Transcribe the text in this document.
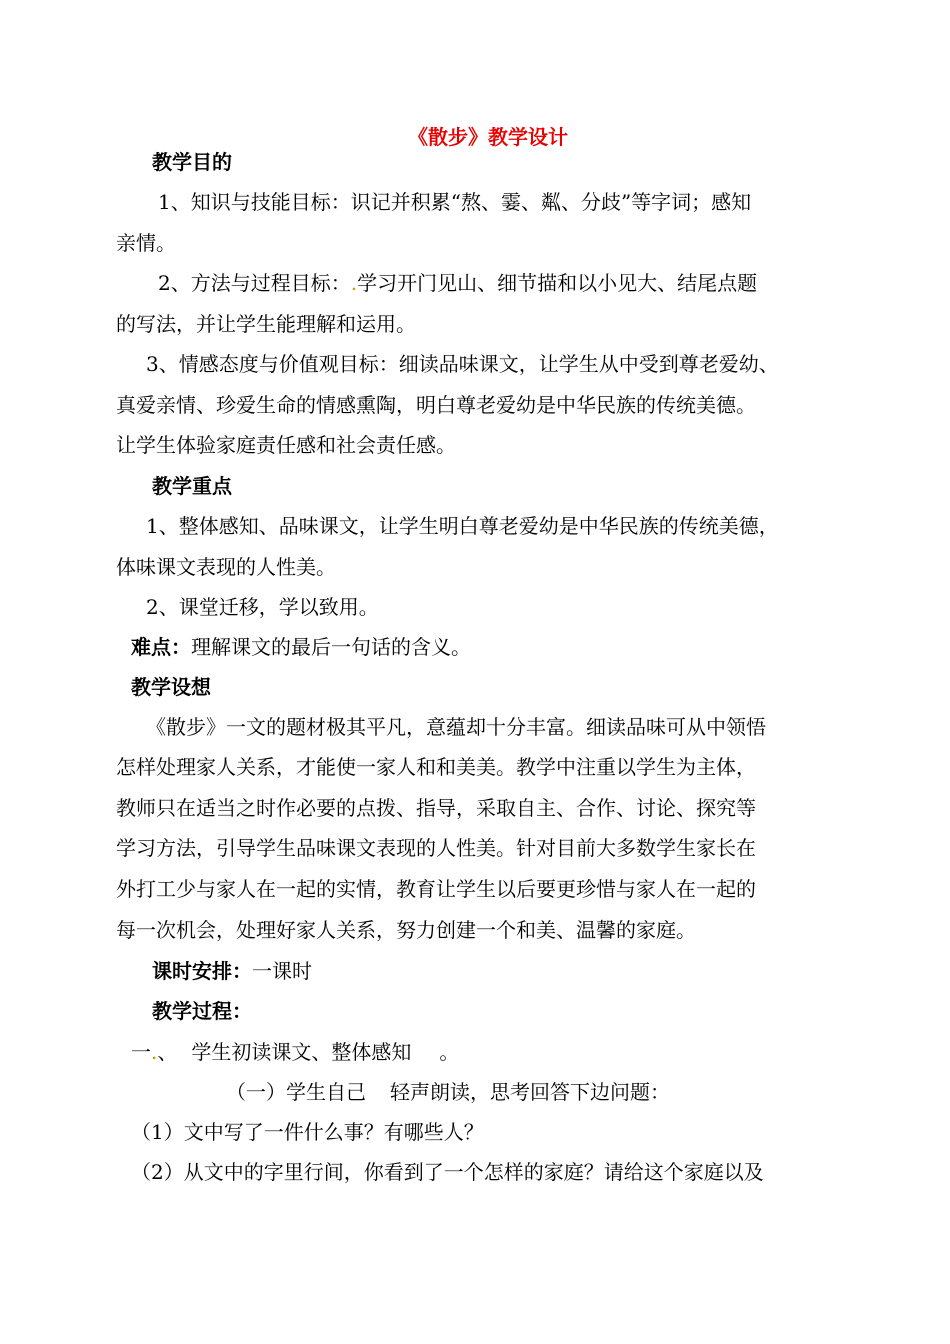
《散步》教学设计
教学目的
1、知识与技能目标：识记并积累“熬、霎、粼、分歧”等字词；感知
亲情。
2、方法与过程目标：.学习开门见山、细节描和以小见大、结尾点题
的写法，并让学生能理解和运用。
3、情感态度与价值观目标：细读品味课文，让学生从中受到尊老爱幼、
真爱亲情、珍爱生命的情感熏陶，明白尊老爱幼是中华民族的传统美德。
让学生体验家庭责任感和社会责任感。
教学重点
1、整体感知、品味课文，让学生明白尊老爱幼是中华民族的传统美德，
体味课文表现的人性美。
2、课堂迁移，学以致用。
难点：理解课文的最后一句话的含义。
教学设想
《散步》一文的题材极其平凡，意蕴却十分丰富。细读品味可从中领悟
怎样处理家人关系，才能使一家人和和美美。教学中注重以学生为主体，
教师只在适当之时作必要的点拨、指导，采取自主、合作、讨论、探究等
学习方法，引导学生品味课文表现的人性美。针对目前大多数学生家长在
外打工少与家人在一起的实情，教育让学生以后要更珍惜与家人在一起的
每一次机会，处理好家人关系，努力创建一个和美、温馨的家庭。
课时安排：一课时
教学过程：
一.、 学生初读课文、整体感知 。
（一）学生自己 轻声朗读，思考回答下边问题：
（1）文中写了一件什么事？有哪些人？
（2）从文中的字里行间，你看到了一个怎样的家庭？请给这个家庭以及
